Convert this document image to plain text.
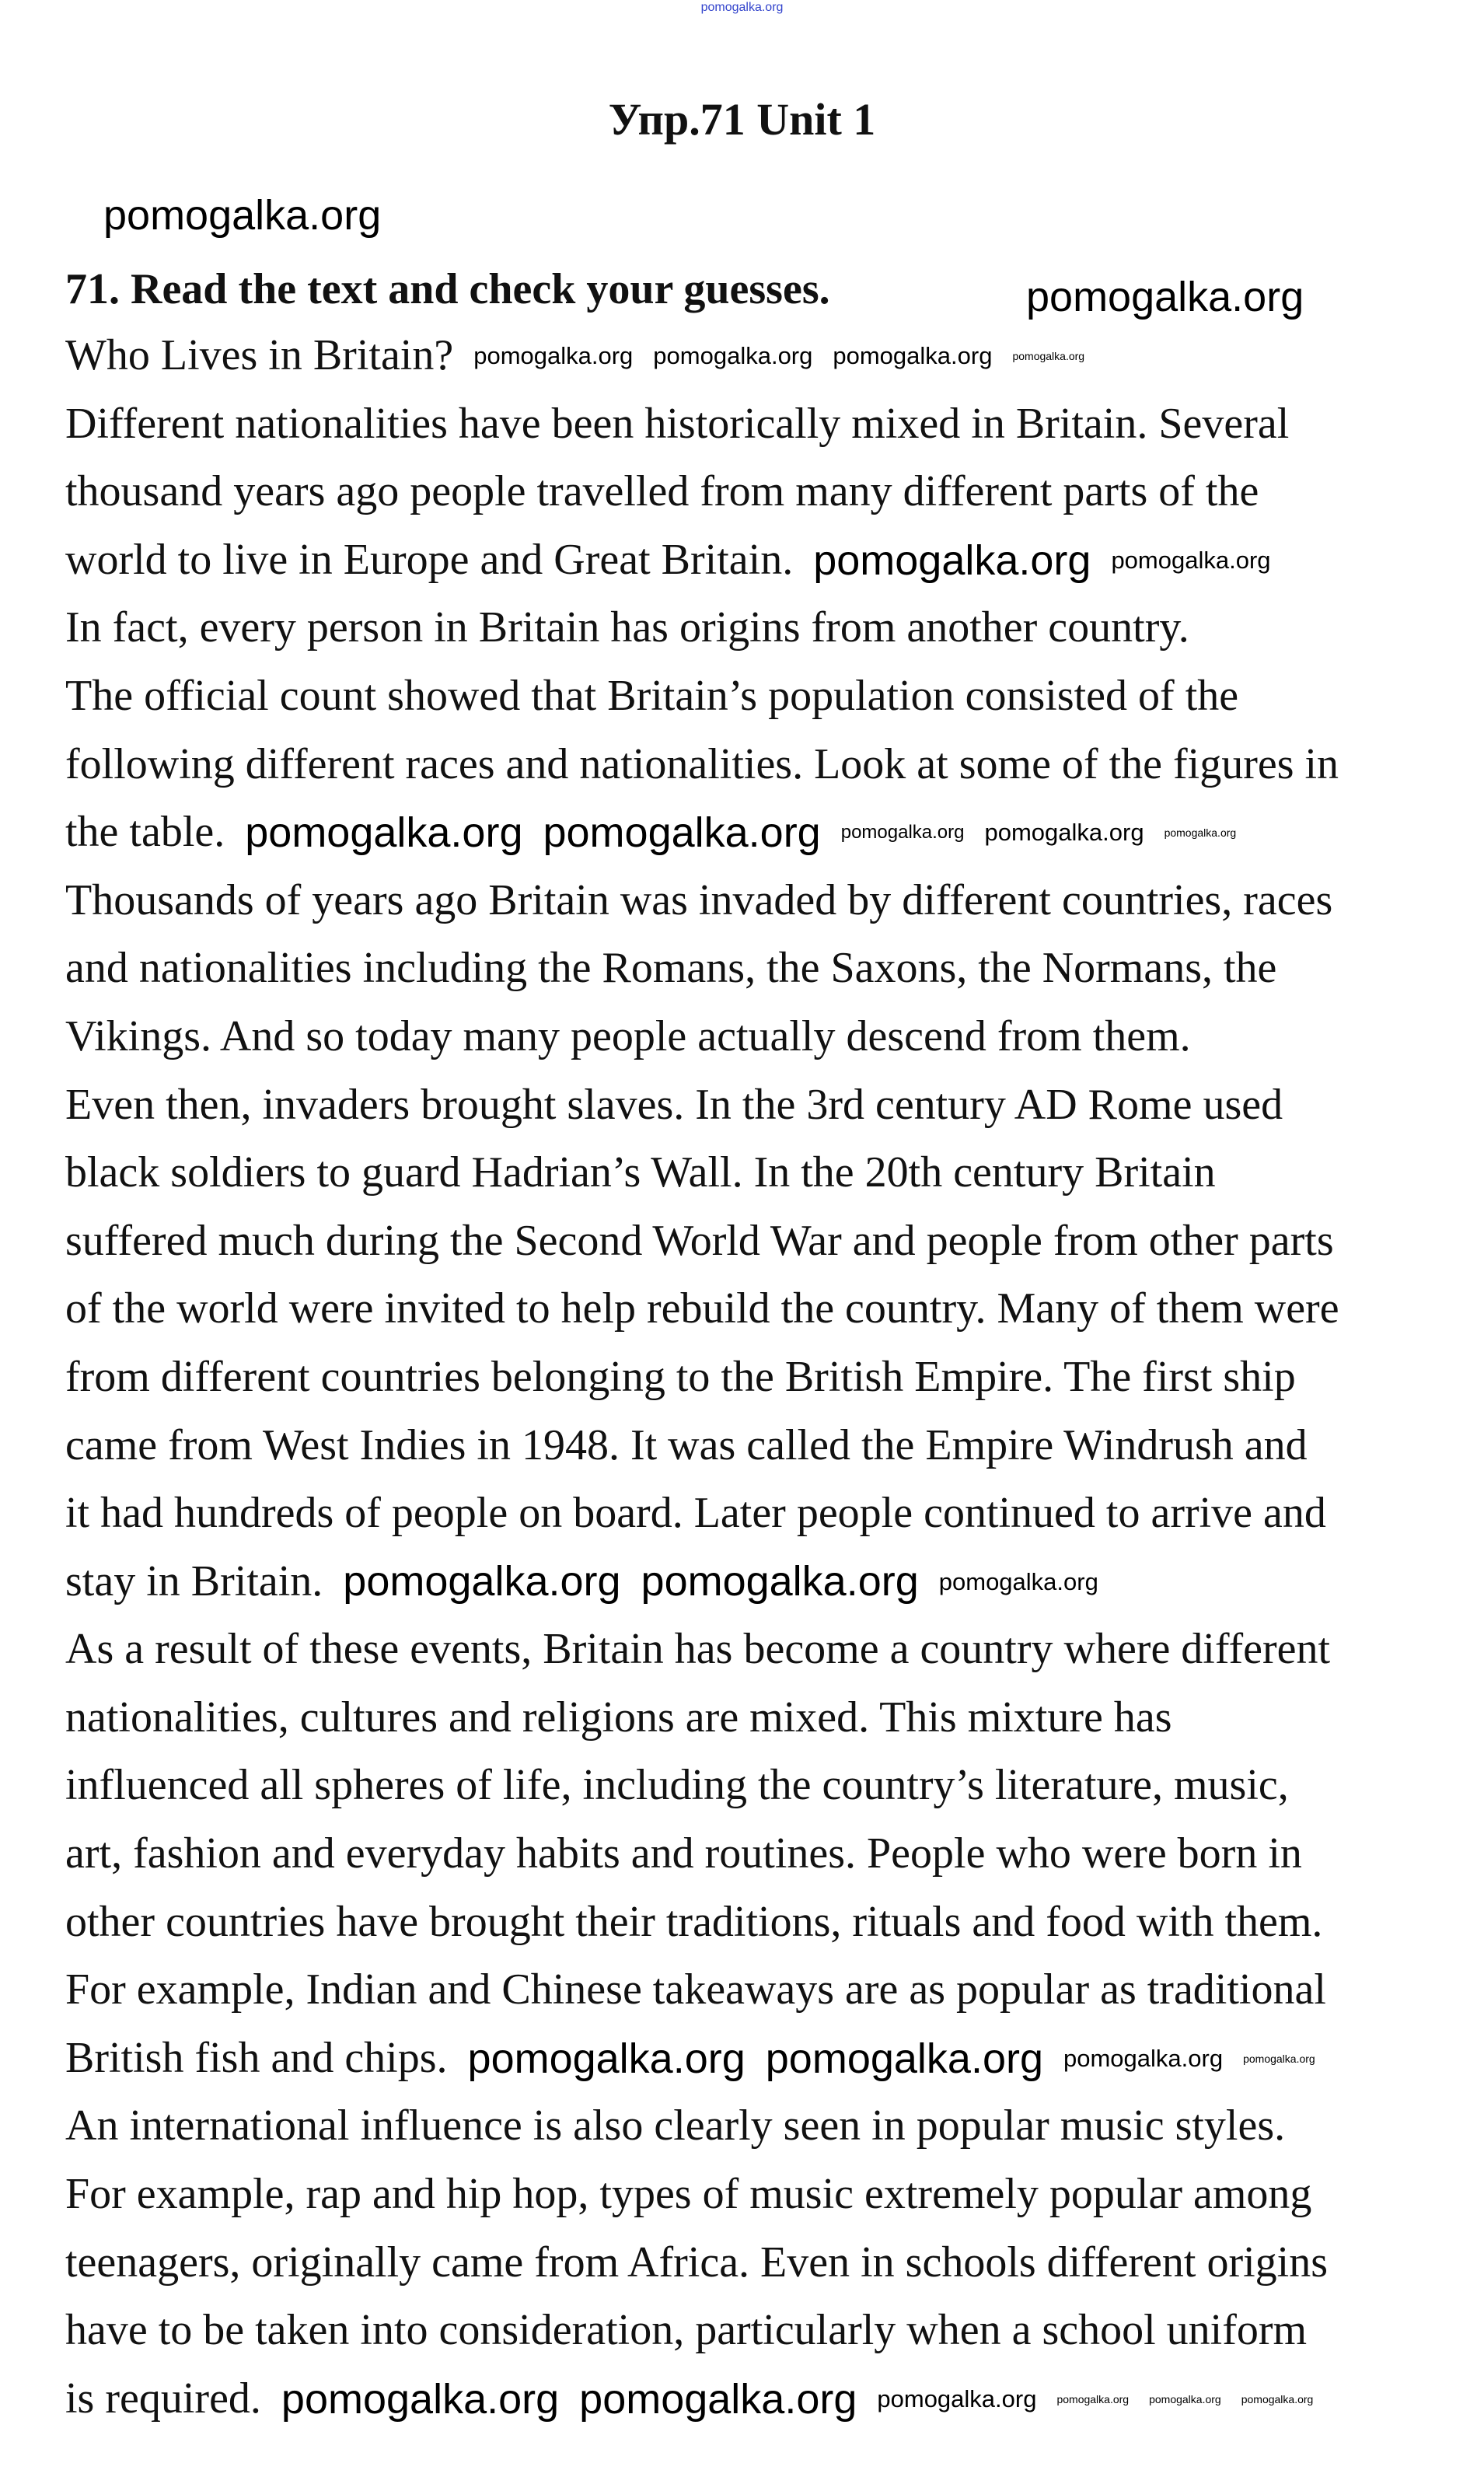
pomogalka.org
Упр.71 Unit 1
pomogalka.org
71. Read the text and check your guesses.	pomogalka.org
Who Lives in Britain? pomogalka.org pomogalka.org pomogalka.org pomogalka.org
Different nationalities have been historically mixed in Britain. Several
thousand years ago people travelled from many different parts of the
world to live in Europe and Great Britain. pomogalka.org pomogalka.org
In fact, every person in Britain has origins from another country.
The official count showed that Britain’s population consisted of the
following different races and nationalities. Look at some of the figures in
the table. pomogalka.org pomogalka.org pomogalka.org pomogalka.org pomogalka.org
Thousands of years ago Britain was invaded by different countries, races
and nationalities including the Romans, the Saxons, the Normans, the
Vikings. And so today many people actually descend from them.
Even then, invaders brought slaves. In the 3rd century AD Rome used
black soldiers to guard Hadrian’s Wall. In the 20th century Britain
suffered much during the Second World War and people from other parts
of the world were invited to help rebuild the country. Many of them were
from different countries belonging to the British Empire. The first ship
came from West Indies in 1948. It was called the Empire Windrush and
it had hundreds of people on board. Later people continued to arrive and
stay in Britain. pomogalka.org pomogalka.org pomogalka.org
As a result of these events, Britain has become a country where different
nationalities, cultures and religions are mixed. This mixture has
influenced all spheres of life, including the country’s literature, music,
art, fashion and everyday habits and routines. People who were born in
other countries have brought their traditions, rituals and food with them.
For example, Indian and Chinese takeaways are as popular as traditional
British fish and chips. pomogalka.org pomogalka.org pomogalka.org pomogalka.org
An international influence is also clearly seen in popular music styles.
For example, rap and hip hop, types of music extremely popular among
teenagers, originally came from Africa. Even in schools different origins
have to be taken into consideration, particularly when a school uniform
is required. pomogalka.org pomogalka.org pomogalka.org pomogalka.org pomogalka.org pomogalka.org
